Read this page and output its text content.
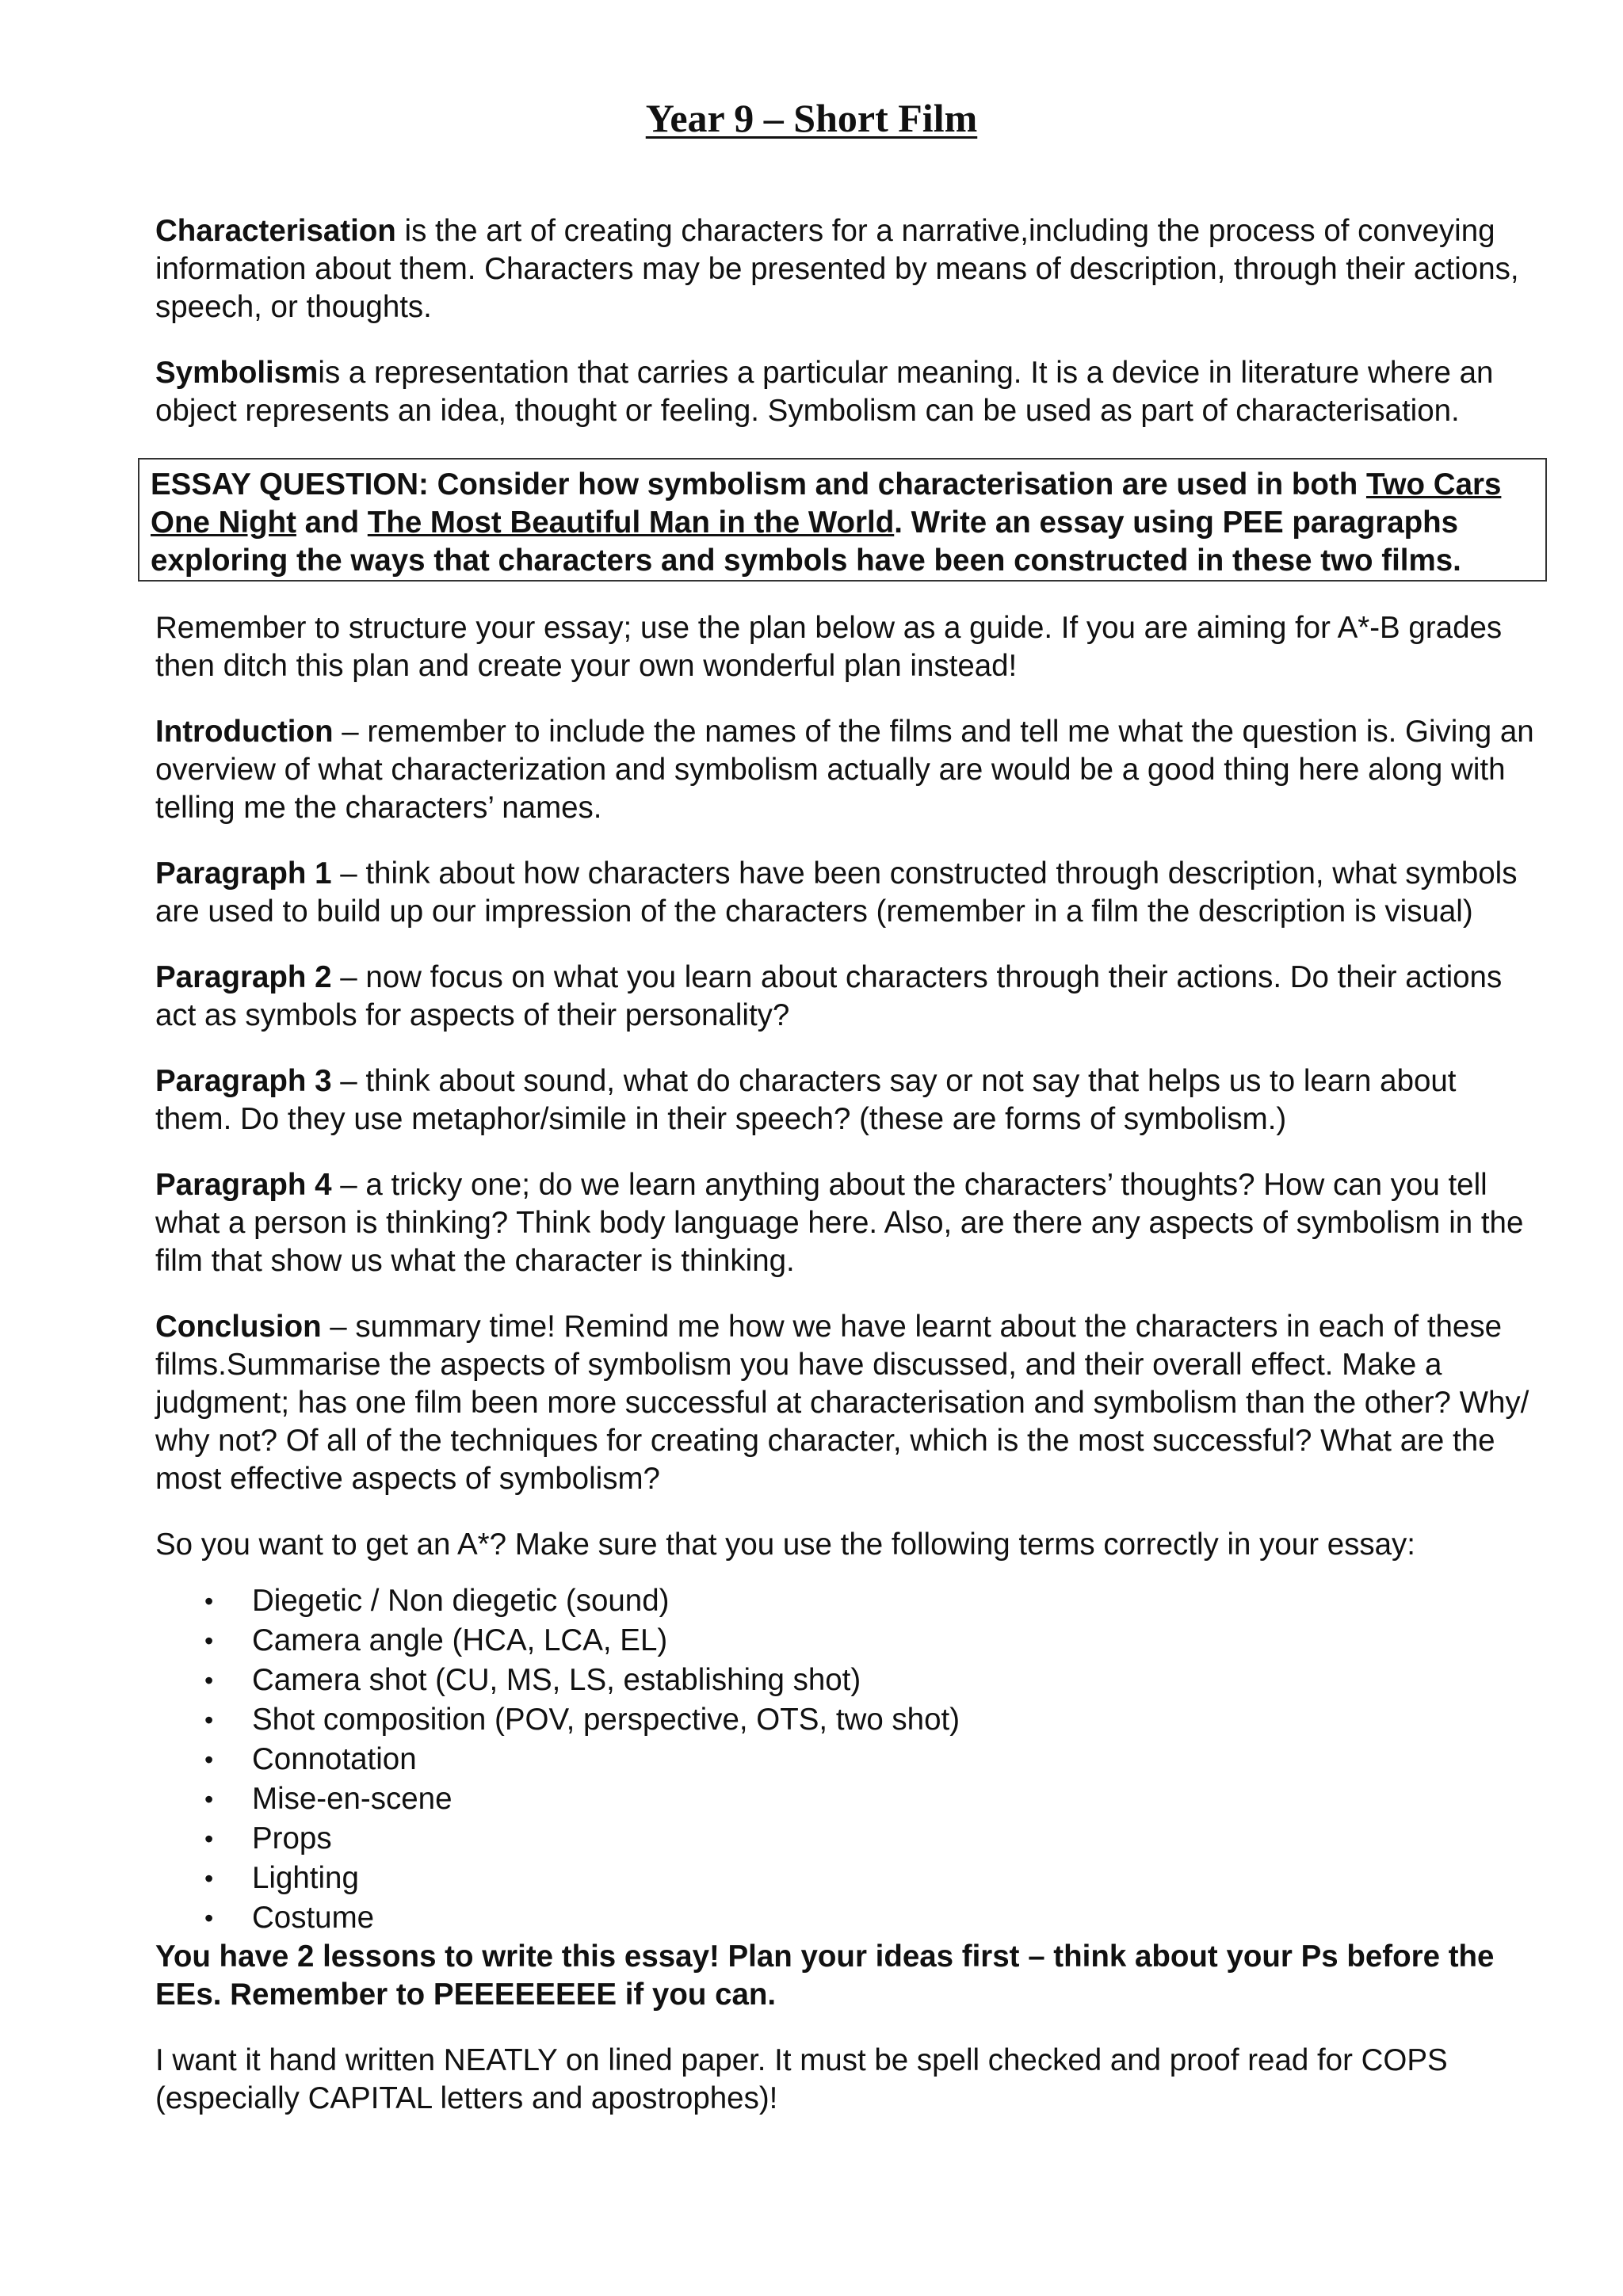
Year 9 – Short Film

Characterisation is the art of creating characters for a narrative,including the process of conveying information about them. Characters may be presented by means of description, through their actions, speech, or thoughts.

Symbolismis a representation that carries a particular meaning. It is a device in literature where an object represents an idea, thought or feeling. Symbolism can be used as part of characterisation.

ESSAY QUESTION: Consider how symbolism and characterisation are used in both Two Cars One Night and The Most Beautiful Man in the World. Write an essay using PEE paragraphs exploring the ways that characters and symbols have been constructed in these two films.

Remember to structure your essay; use the plan below as a guide. If you are aiming for A*-B grades then ditch this plan and create your own wonderful plan instead!

Introduction – remember to include the names of the films and tell me what the question is. Giving an overview of what characterization and symbolism actually are would be a good thing here along with telling me the characters’ names.

Paragraph 1 – think about how characters have been constructed through description, what symbols are used to build up our impression of the characters (remember in a film the description is visual)

Paragraph 2 – now focus on what you learn about characters through their actions. Do their actions act as symbols for aspects of their personality?

Paragraph 3 – think about sound, what do characters say or not say that helps us to learn about them. Do they use metaphor/simile in their speech? (these are forms of symbolism.)

Paragraph 4 – a tricky one; do we learn anything about the characters’ thoughts? How can you tell what a person is thinking? Think body language here. Also, are there any aspects of symbolism in the film that show us what the character is thinking.

Conclusion – summary time! Remind me how we have learnt about the characters in each of these films.Summarise the aspects of symbolism you have discussed, and their overall effect. Make a judgment; has one film been more successful at characterisation and symbolism than the other? Why/ why not? Of all of the techniques for creating character, which is the most successful? What are the most effective aspects of symbolism?

So you want to get an A*? Make sure that you use the following terms correctly in your essay:

• Diegetic / Non diegetic (sound)
• Camera angle (HCA, LCA, EL)
• Camera shot (CU, MS, LS, establishing shot)
• Shot composition (POV, perspective, OTS, two shot)
• Connotation
• Mise-en-scene
• Props
• Lighting
• Costume

You have 2 lessons to write this essay! Plan your ideas first – think about your Ps before the EEs. Remember to PEEEEEEEE if you can.

I want it hand written NEATLY on lined paper. It must be spell checked and proof read for COPS (especially CAPITAL letters and apostrophes)!
